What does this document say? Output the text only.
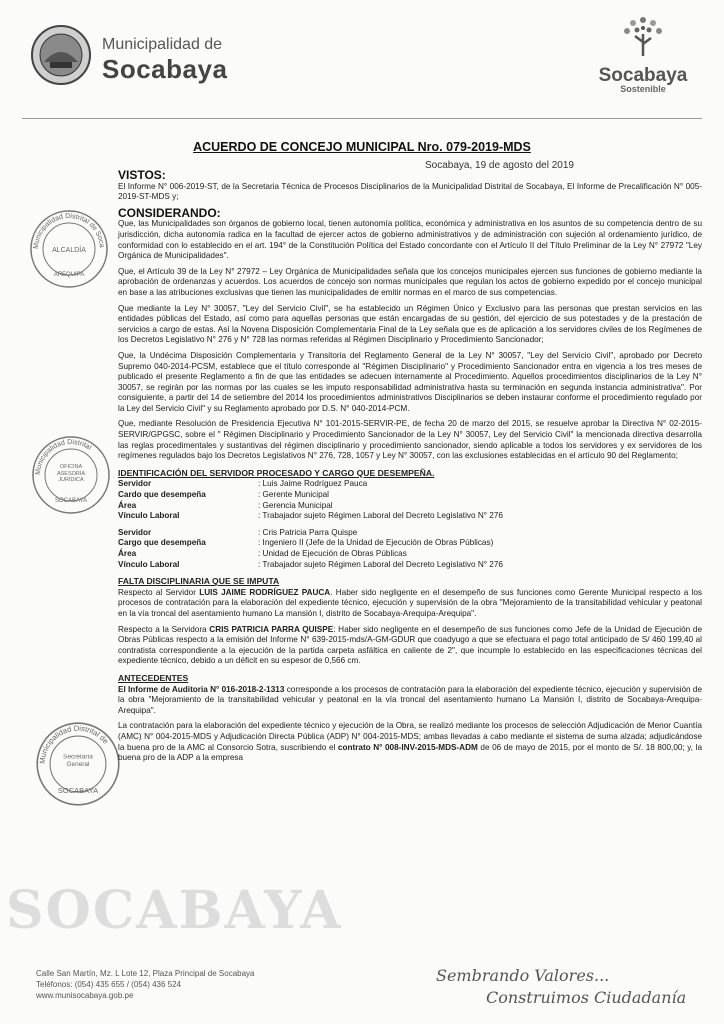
Municipalidad de
Socabaya	Socabaya
Sostenible
ACUERDO DE CONCEJO MUNICIPAL Nro. 079-2019-MDS
Socabaya, 19 de agosto del 2019
Municipalidad Distrital de Soca
ALCALDÍA
AREQUIPA
Municipalidad Distrital
OFICINA ASESORÍA JURÍDICA
SOCABAYA
Municipalidad Distrital de
Secretaría General
SOCABAYA
SOCABAYA
VISTOS:

El Informe N° 006-2019-ST, de la Secretaria Técnica de Procesos Disciplinarios de la Municipalidad Distrital de Socabaya, El Informe de Precalificación N° 005-2019-ST-MDS y;

CONSIDERANDO:

Que, las Municipalidades son órganos de gobierno local, tienen autonomía política, económica y administrativa en los asuntos de su competencia dentro de su jurisdicción, dicha autonomía radica en la facultad de ejercer actos de gobierno administrativos y de administración con sujeción al ordenamiento jurídico, de conformidad con lo establecido en el art. 194° de la Constitución Política del Estado concordante con el Artículo II del Título Preliminar de la Ley N° 27972 "Ley Orgánica de Municipalidades".

Que, el Artículo 39 de la Ley N° 27972 – Ley Orgánica de Municipalidades señala que los concejos municipales ejercen sus funciones de gobierno mediante la aprobación de ordenanzas y acuerdos. Los acuerdos de concejo son normas municipales que regulan los actos de gobierno expedido por el concejo municipal en base a las atribuciones exclusivas que tienen las municipalidades de emitir normas en el marco de sus competencias.

Que mediante la Ley N° 30057, "Ley del Servicio Civil", se ha establecido un Régimen Único y Exclusivo para las personas que prestan servicios en las entidades públicas del Estado, así como para aquellas personas que están encargadas de su gestión, del ejercicio de sus potestades y de la prestación de servicios a cargo de estas. Así la Novena Disposición Complementaria Final de la Ley señala que es de aplicación a los servidores civiles de los Regímenes de los Decretos Legislativo N° 276 y N° 728 las normas referidas al Régimen Disciplinario y Procedimiento Sancionador;

Que, la Undécima Disposición Complementaria y Transitoria del Reglamento General de la Ley N° 30057, "Ley del Servicio Civil", aprobado por Decreto Supremo 040-2014-PCSM, establece que el título corresponde al "Régimen Disciplinario" y Procedimiento Sancionador entra en vigencia a los tres meses de publicado el presente Reglamento a fin de que las entidades se adecuen internamente al Procedimiento. Aquellos procedimientos disciplinarios de la Ley N° 30057, se regirán por las normas por las cuales se les imputo responsabilidad administrativa hasta su terminación en segunda instancia administrativa". Por consiguiente, a partir del 14 de setiembre del 2014 los procedimientos administrativos Disciplinarios se deben instaurar conforme el procedimiento regulado por la Ley del Servicio Civil" y su Reglamento aprobado por D.S. N° 040-2014-PCM.

Que, mediante Resolución de Presidencia Ejecutiva N° 101-2015-SERVIR-PE, de fecha 20 de marzo del 2015, se resuelve aprobar la Directiva N° 02-2015-SERVIR/GPGSC, sobre el " Régimen Disciplinario y Procedimiento Sancionador de la Ley N° 30057, Ley del Servicio Civil" la mencionada directiva desarrolla las reglas procedimentales y sustantivas del régimen disciplinario y procedimiento sancionador, siendo aplicable a todos los servidores y ex servidores de los regímenes regulados bajo los Decretos Legislativos N° 276, 728, 1057 y Ley N° 30057, con las exclusiones establecidas en el artículo 90 del Reglamento;

IDENTIFICACIÓN DEL SERVIDOR PROCESADO Y CARGO QUE DESEMPEÑA.
Servidor	: Luis Jaime Rodríguez Pauca
Cardo que desempeña	: Gerente Municipal
Área	: Gerencia Municipal
Vínculo Laboral	: Trabajador sujeto Régimen Laboral del Decreto Legislativo N° 276
Servidor	: Cris Patricia Parra Quispe
Cargo que desempeña	: Ingeniero II (Jefe de la Unidad de Ejecución de Obras Públicas)
Área	: Unidad de Ejecución de Obras Públicas
Vínculo Laboral	: Trabajador sujeto Régimen Laboral del Decreto Legislativo N° 276
FALTA DISCIPLINARIA QUE SE IMPUTA

Respecto al Servidor LUIS JAIME RODRÍGUEZ PAUCA. Haber sido negligente en el desempeño de sus funciones como Gerente Municipal respecto a los procesos de contratación para la elaboración del expediente técnico, ejecución y supervisión de la obra "Mejoramiento de la transitabilidad vehicular y peatonal en la vía troncal del asentamiento humano La mansión I, distrito de Socabaya-Arequipa-Arequipa".

Respecto a la Servidora CRIS PATRICIA PARRA QUISPE: Haber sido negligente en el desempeño de sus funciones como Jefe de la Unidad de Ejecución de Obras Públicas respecto a la emisión del Informe N° 639-2015-mds/A-GM-GDUR que coadyugo a que se efectuara el pago total anticipado de S/ 460 199,40 al contratista correspondiente a la ejecución de la partida carpeta asfáltica en caliente de 2", que incumple lo establecido en las especificaciones técnicas del expediente técnico, debido a un déficit en su espesor de 0,566 cm.

ANTECEDENTES

El Informe de Auditoria N° 016-2018-2-1313 corresponde a los procesos de contratación para la elaboración del expediente técnico, ejecución y supervisión de la obra "Mejoramiento de la transitabilidad vehicular y peatonal en la vía troncal del asentamiento humano La Mansión I, distrito de Socabaya-Arequipa-Arequipa".

La contratación para la elaboración del expediente técnico y ejecución de la Obra, se realizó mediante los procesos de selección Adjudicación de Menor Cuantía (AMC) N° 004-2015-MDS y Adjudicación Directa Pública (ADP) N° 004-2015-MDS; ambas llevadas a cabo mediante el sistema de suma alzada; adjudicándose la buena pro de la AMC al Consorcio Sotra, suscribiendo el contrato N° 008-INV-2015-MDS-ADM de 06 de mayo de 2015, por el monto de S/. 18 800,00; y, la buena pro de la ADP a la empresa

Calle San Martín, Mz. L Lote 12, Plaza Principal de Socabaya
Teléfonos: (054) 435 655 / (054) 436 524
www.munisocabaya.gob.pe
Sembrando Valores...
Construimos Ciudadanía
